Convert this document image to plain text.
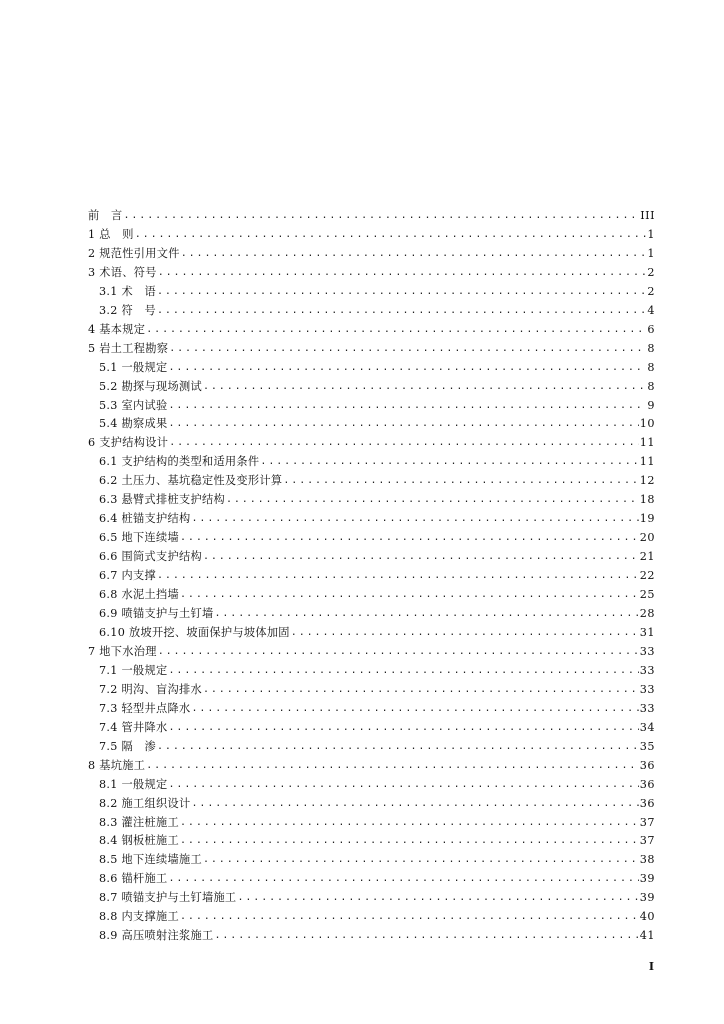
前　言 .....	III
1 总　则 .....	1
2 规范性引用文件 .....	1
3 术语、符号 .....	2
3.1 术　语 .....	2
3.2 符　号 .....	4
4 基本规定 .....	6
5 岩土工程勘察 .....	8
5.1 一般规定 .....	8
5.2 勘探与现场测试 .....	8
5.3 室内试验 .....	9
5.4 勘察成果 .....	10
6 支护结构设计 .....	11
6.1 支护结构的类型和适用条件 .....	11
6.2 土压力、基坑稳定性及变形计算 .....	12
6.3 悬臂式排桩支护结构 .....	18
6.4 桩锚支护结构 .....	19
6.5 地下连续墙 .....	20
6.6 围筒式支护结构 .....	21
6.7 内支撑 .....	22
6.8 水泥土挡墙 .....	25
6.9 喷锚支护与土钉墙 .....	28
6.10 放坡开挖、坡面保护与坡体加固 .....	31
7 地下水治理 .....	33
7.1 一般规定 .....	33
7.2 明沟、盲沟排水 .....	33
7.3 轻型井点降水 .....	33
7.4 管井降水 .....	34
7.5 隔　渗 .....	35
8 基坑施工 .....	36
8.1 一般规定 .....	36
8.2 施工组织设计 .....	36
8.3 灌注桩施工 .....	37
8.4 钢板桩施工 .....	37
8.5 地下连续墙施工 .....	38
8.6 锚杆施工 .....	39
8.7 喷锚支护与土钉墙施工 .....	39
8.8 内支撑施工 .....	40
8.9 高压喷射注浆施工 .....	41
I
